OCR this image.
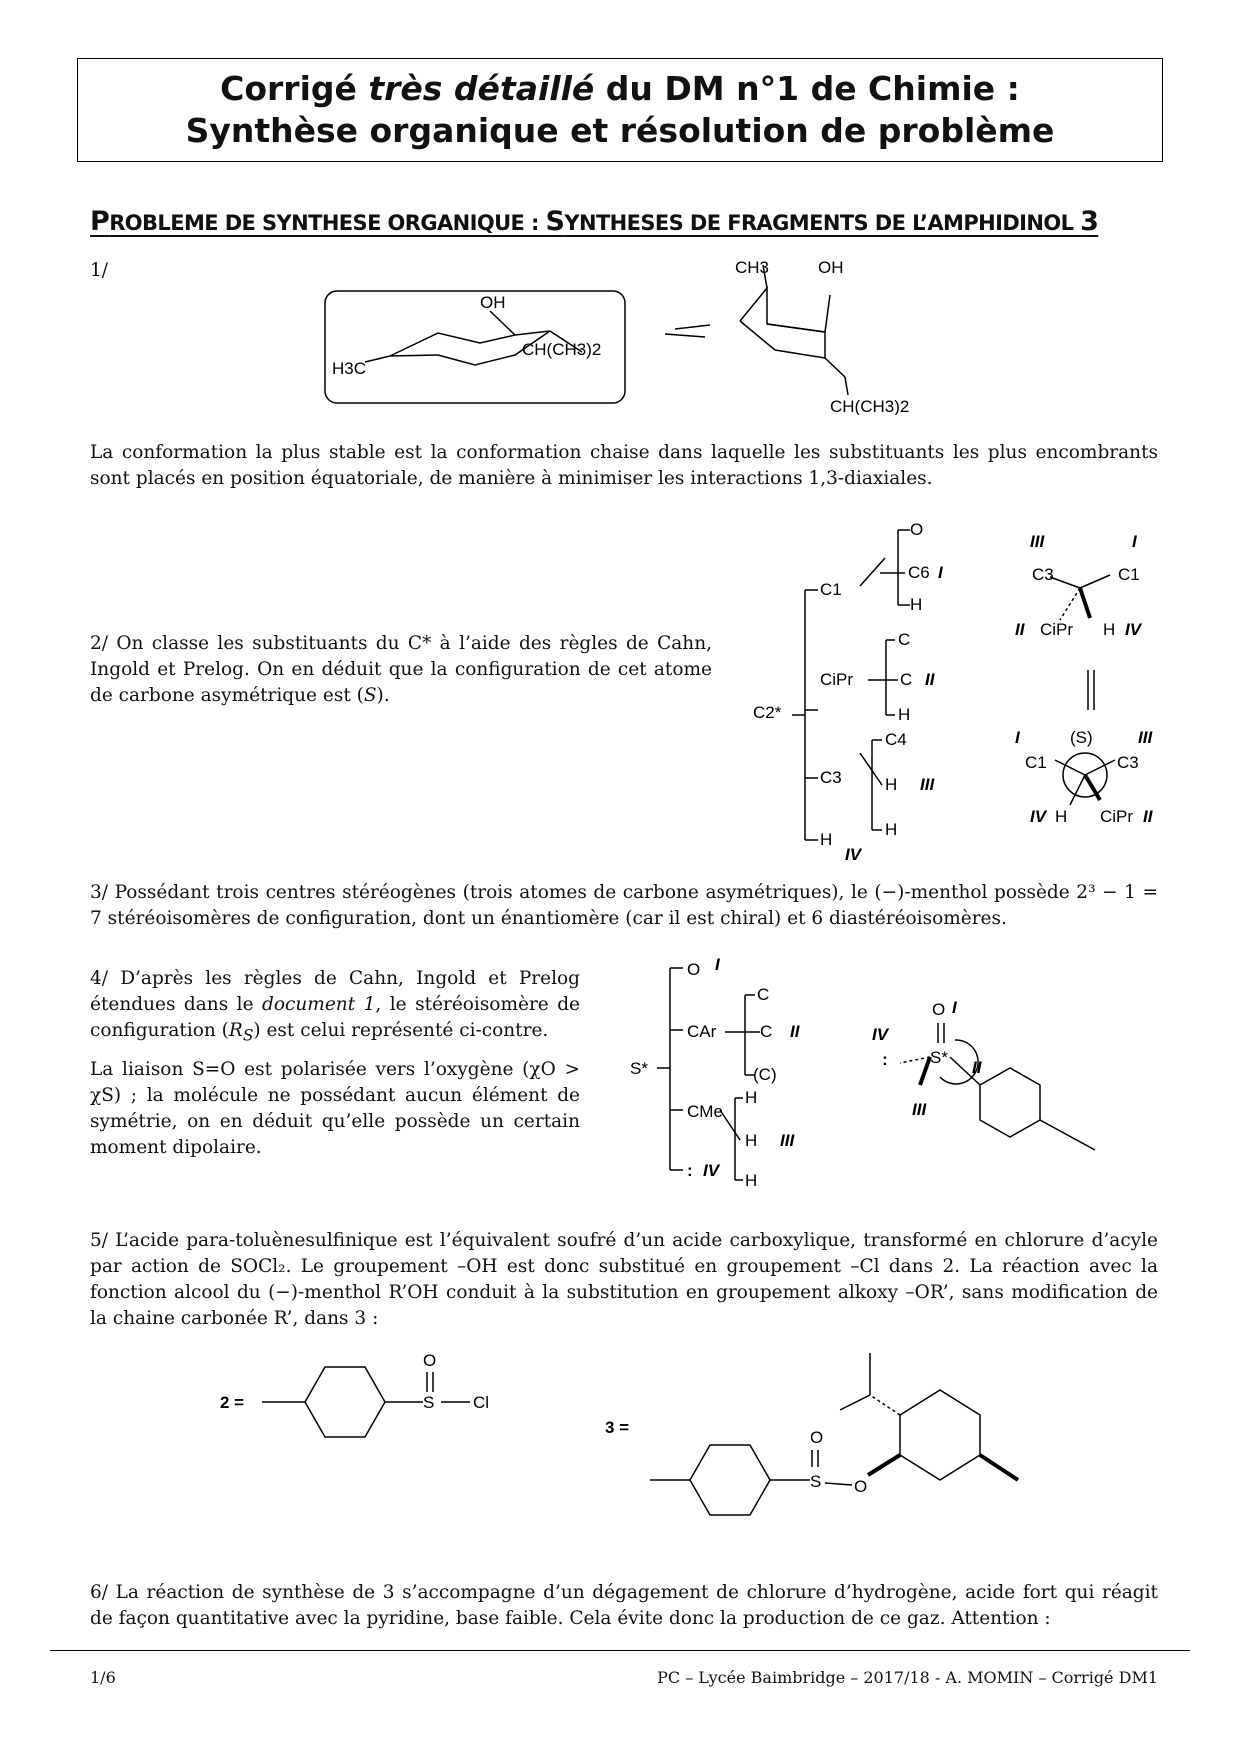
Corrigé très détaillé du DM n°1 de Chimie :
Synthèse organique et résolution de problème
PROBLEME DE SYNTHESE ORGANIQUE : SYNTHESES DE FRAGMENTS DE L’AMPHIDINOL 3
1/
OH
H3C
CH(CH3)2
CH3	OH
CH(CH3)2
La conformation la plus stable est la conformation chaise dans laquelle les substituants les plus encombrants sont placés en position équatoriale, de manière à minimiser les interactions 1,3-diaxiales.
2/ On classe les substituants du C* à l’aide des règles de Cahn, Ingold et Prelog. On en déduit que la configuration de cet atome de carbone asymétrique est (S).
C2*
C1
O
C6
H
I
CiPr
C
C
H
II
C3
C4
H
H
III
H
IV
III	I
C3	C1
II CiPr H IV
(S)
I	III
C1	C3
IV H CiPr II
3/ Possédant trois centres stéréogènes (trois atomes de carbone asymétriques), le (−)-menthol possède 2³ − 1 = 7 stéréoisomères de configuration, dont un énantiomère (car il est chiral) et 6 diastéréoisomères.
4/ D’après les règles de Cahn, Ingold et Prelog étendues dans le document 1, le stéréoisomère de configuration $(R_S)$ est celui représenté ci-contre.
La liaison S=O est polarisée vers l’oxygène (χO > χS) ; la molécule ne possédant aucun élément de symétrie, on en déduit qu’elle possède un certain moment dipolaire.
S*
O I
CAr
C
C
(C)
II
CMe
H
H
H
III
: IV
O I
S*
IV
:	II
III
5/ L’acide para-toluènesulfinique est l’équivalent soufré d’un acide carboxylique, transformé en chlorure d’acyle par action de SOCl₂. Le groupement –OH est donc substitué en groupement –Cl dans 2. La réaction avec la fonction alcool du (−)-menthol R’OH conduit à la substitution en groupement alkoxy –OR’, sans modification de la chaine carbonée R’, dans 3 :
2 =
O
S Cl
3 =
O
S O
6/ La réaction de synthèse de 3 s’accompagne d’un dégagement de chlorure d’hydrogène, acide fort qui réagit de façon quantitative avec la pyridine, base faible. Cela évite donc la production de ce gaz. Attention :
1/6	PC – Lycée Baimbridge – 2017/18 - A. MOMIN – Corrigé DM1
